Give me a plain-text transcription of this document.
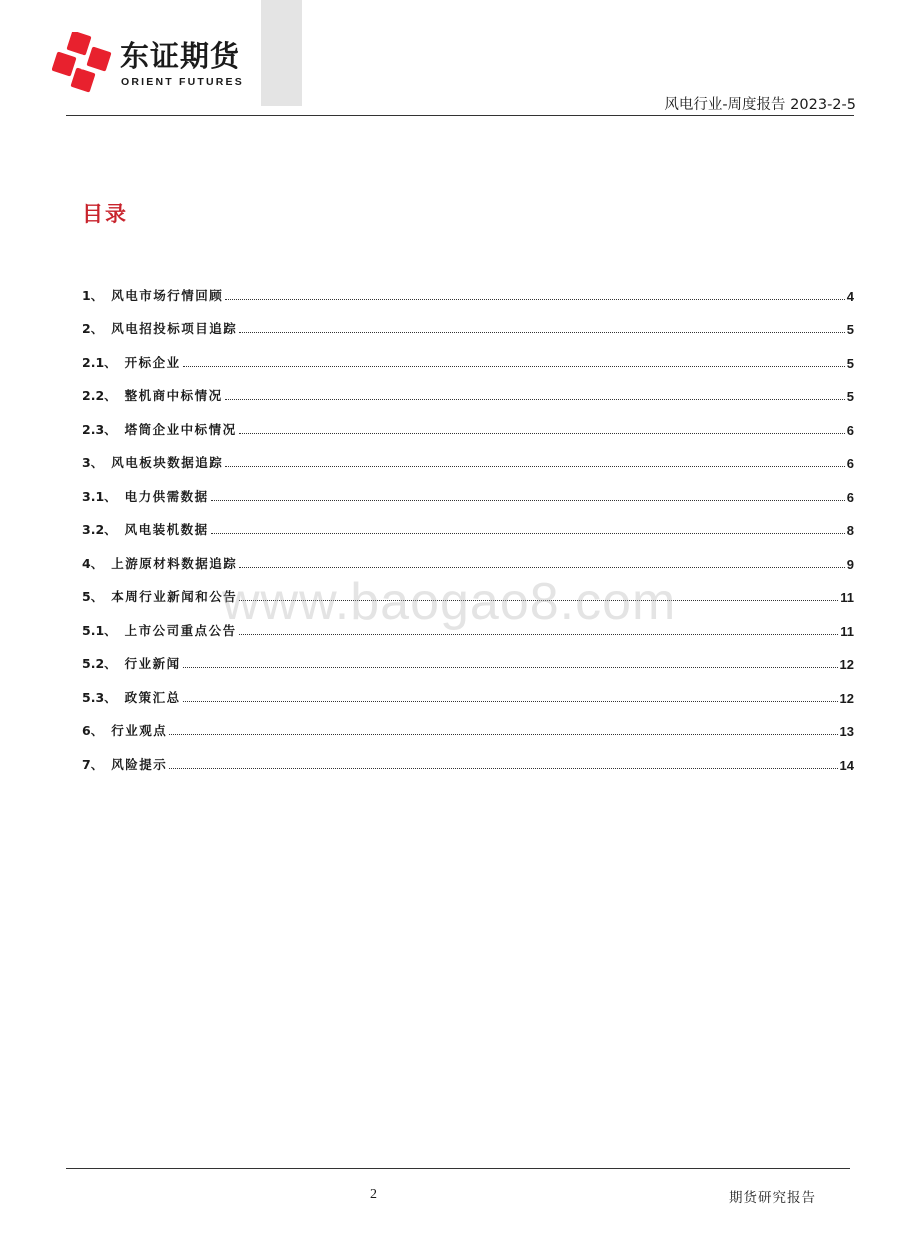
东证期货
ORIENT FUTURES
风电行业-周度报告 2023-2-5
目录
1、 风电市场行情回顾	4
2、 风电招投标项目追踪	5
2.1、 开标企业	5
2.2、 整机商中标情况	5
2.3、 塔筒企业中标情况	6
3、 风电板块数据追踪	6
3.1、 电力供需数据	6
3.2、 风电装机数据	8
4、 上游原材料数据追踪	9
5、 本周行业新闻和公告	11
5.1、 上市公司重点公告	11
5.2、 行业新闻	12
5.3、 政策汇总	12
6、 行业观点	13
7、 风险提示	14
www.baogao8.com
2	期货研究报告
